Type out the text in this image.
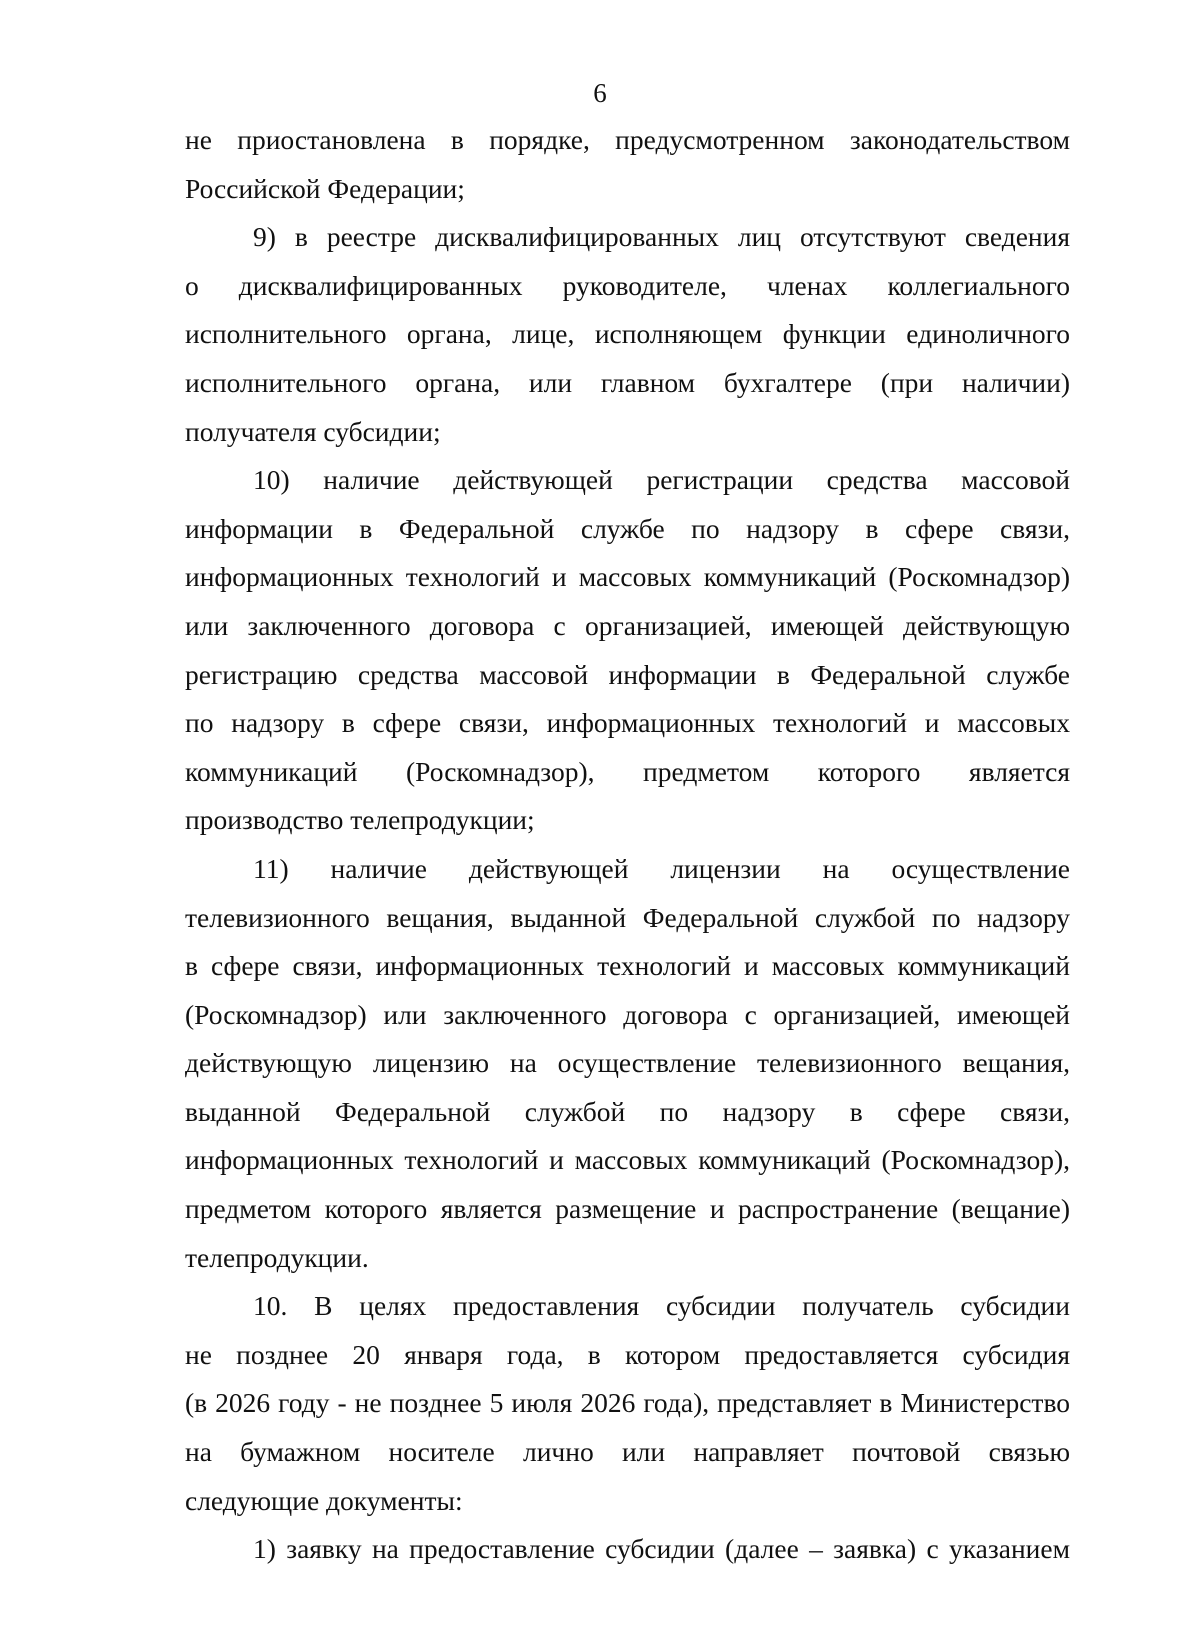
6
не приостановлена в порядке, предусмотренном законодательством
Российской Федерации;
9) в реестре дисквалифицированных лиц отсутствуют сведения
о дисквалифицированных руководителе, членах коллегиального
исполнительного органа, лице, исполняющем функции единоличного
исполнительного органа, или главном бухгалтере (при наличии)
получателя субсидии;
10) наличие действующей регистрации средства массовой
информации в Федеральной службе по надзору в сфере связи,
информационных технологий и массовых коммуникаций (Роскомнадзор)
или заключенного договора с организацией, имеющей действующую
регистрацию средства массовой информации в Федеральной службе
по надзору в сфере связи, информационных технологий и массовых
коммуникаций (Роскомнадзор), предметом которого является
производство телепродукции;
11) наличие действующей лицензии на осуществление
телевизионного вещания, выданной Федеральной службой по надзору
в сфере связи, информационных технологий и массовых коммуникаций
(Роскомнадзор) или заключенного договора с организацией, имеющей
действующую лицензию на осуществление телевизионного вещания,
выданной Федеральной службой по надзору в сфере связи,
информационных технологий и массовых коммуникаций (Роскомнадзор),
предметом которого является размещение и распространение (вещание)
телепродукции.
10. В целях предоставления субсидии получатель субсидии
не позднее 20 января года, в котором предоставляется субсидия
(в 2026 году - не позднее 5 июля 2026 года), представляет в Министерство
на бумажном носителе лично или направляет почтовой связью
следующие документы:
1) заявку на предоставление субсидии (далее – заявка) с указанием
